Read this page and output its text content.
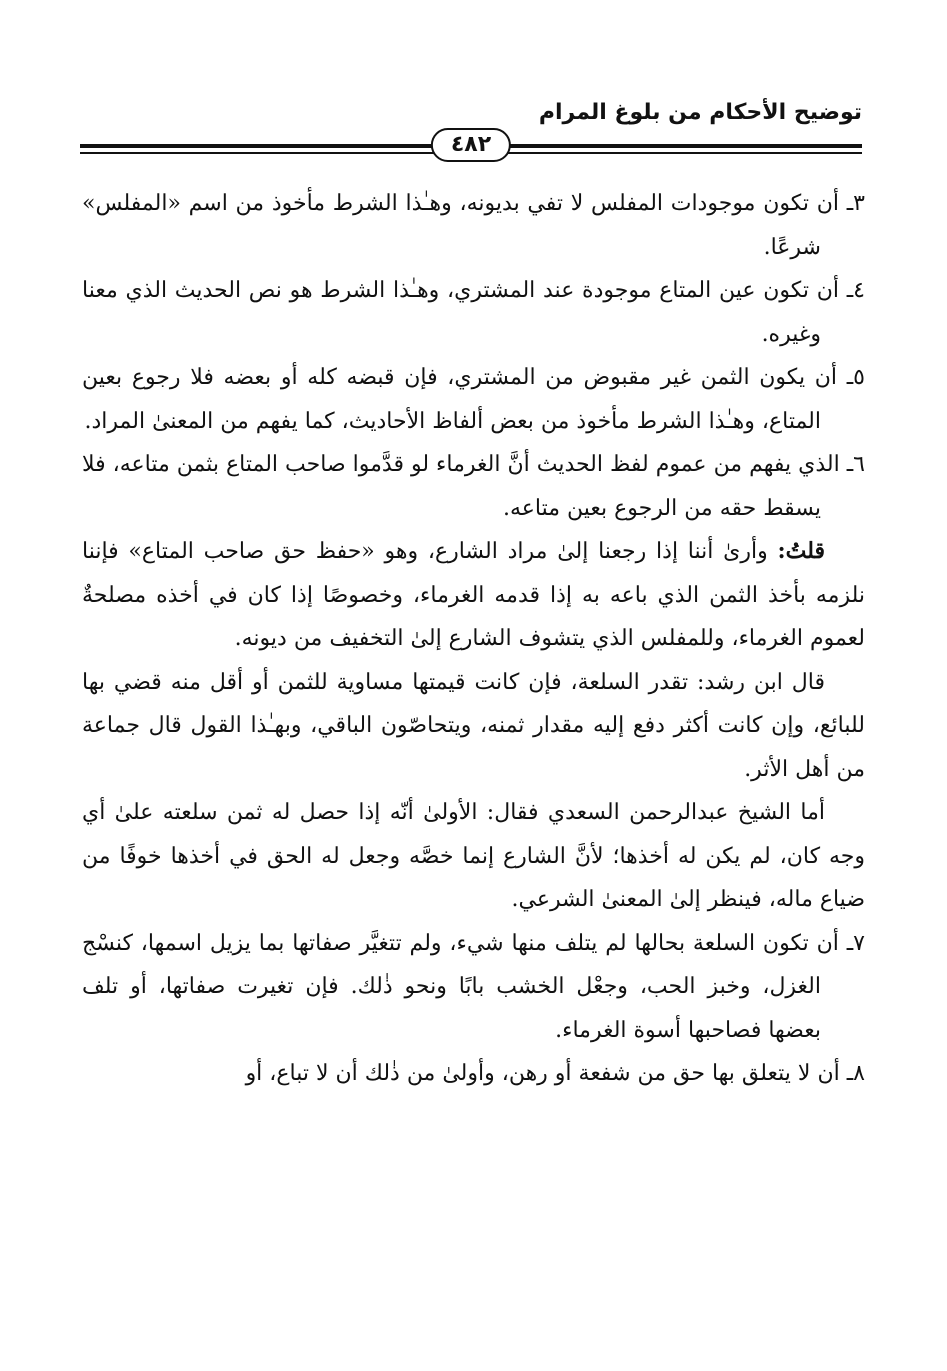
توضيح الأحكام من بلوغ المرام
٤٨٢

٣ـ أن تكون موجودات المفلس لا تفي بديونه، وهـٰذا الشرط مأخوذ من اسم «المفلس» شرعًا.

٤ـ أن تكون عين المتاع موجودة عند المشتري، وهـٰذا الشرط هو نص الحديث الذي معنا وغيره.

٥ـ أن يكون الثمن غير مقبوض من المشتري، فإن قبضه كله أو بعضه فلا رجوع بعين المتاع، وهـٰذا الشرط مأخوذ من بعض ألفاظ الأحاديث، كما يفهم من المعنىٰ المراد.

٦ـ الذي يفهم من عموم لفظ الحديث أنَّ الغرماء لو قدَّموا صاحب المتاع بثمن متاعه، فلا يسقط حقه من الرجوع بعين متاعه.

قلتُ: وأرىٰ أننا إذا رجعنا إلىٰ مراد الشارع، وهو «حفظ حق صاحب المتاع» فإننا نلزمه بأخذ الثمن الذي باعه به إذا قدمه الغرماء، وخصوصًا إذا كان في أخذه مصلحةٌ لعموم الغرماء، وللمفلس الذي يتشوف الشارع إلىٰ التخفيف من ديونه.

قال ابن رشد: تقدر السلعة، فإن كانت قيمتها مساوية للثمن أو أقل منه قضي بها للبائع، وإن كانت أكثر دفع إليه مقدار ثمنه، ويتحاصّون الباقي، وبهـٰذا القول قال جماعة من أهل الأثر.

أما الشيخ عبدالرحمن السعدي فقال: الأولىٰ أنّه إذا حصل له ثمن سلعته علىٰ أي وجه كان، لم يكن له أخذها؛ لأنَّ الشارع إنما خصَّه وجعل له الحق في أخذها خوفًا من ضياع ماله، فينظر إلىٰ المعنىٰ الشرعي.

٧ـ أن تكون السلعة بحالها لم يتلف منها شيء، ولم تتغيَّر صفاتها بما يزيل اسمها، كنسْج الغزل، وخبز الحب، وجعْل الخشب بابًا ونحو ذٰلك. فإن تغيرت صفاتها، أو تلف بعضها فصاحبها أسوة الغرماء.

٨ـ أن لا يتعلق بها حق من شفعة أو رهن، وأولىٰ من ذٰلك أن لا تباع، أو
